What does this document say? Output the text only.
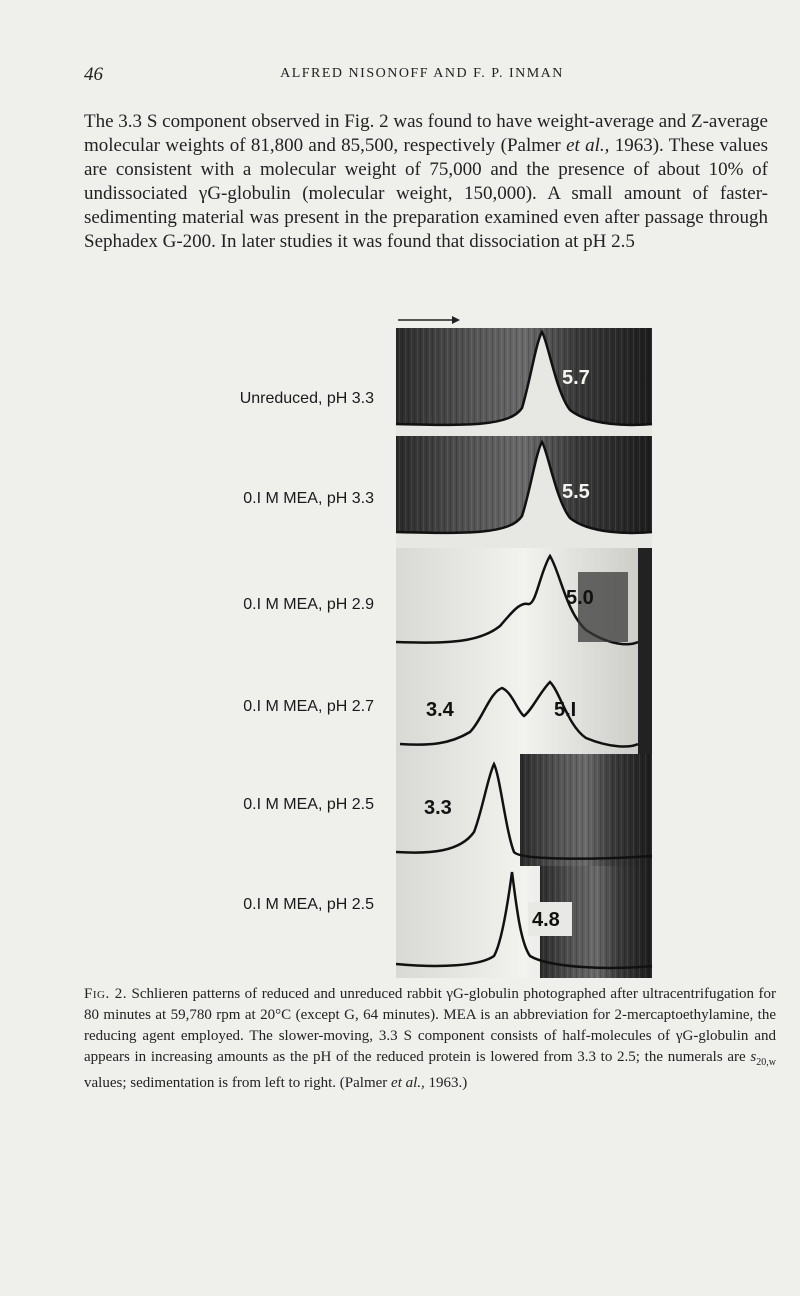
46	ALFRED NISONOFF AND F. P. INMAN

The 3.3 S component observed in Fig. 2 was found to have weight-average and Z-average molecular weights of 81,800 and 85,500, respectively (Palmer et al., 1963). These values are consistent with a molecular weight of 75,000 and the presence of about 10% of undissociated γG-globulin (molecular weight, 150,000). A small amount of faster-sedimenting material was present in the preparation examined even after passage through Sephadex G-200. In later studies it was found that dissociation at pH 2.5

Unreduced, pH 3.3
0.I M MEA, pH 3.3
0.I M MEA, pH 2.9
0.I M MEA, pH 2.7
0.I M MEA, pH 2.5
0.I M MEA, pH 2.5
5.7
5.5
5.0
3.4	5.I
3.3
4.8

Fig. 2. Schlieren patterns of reduced and unreduced rabbit γG-globulin photographed after ultracentrifugation for 80 minutes at 59,780 rpm at 20°C (except G, 64 minutes). MEA is an abbreviation for 2-mercaptoethylamine, the reducing agent employed. The slower-moving, 3.3 S component consists of half-molecules of γG-globulin and appears in increasing amounts as the pH of the reduced protein is lowered from 3.3 to 2.5; the numerals are $s_{20,w}$ values; sedimentation is from left to right. (Palmer et al., 1963.)
